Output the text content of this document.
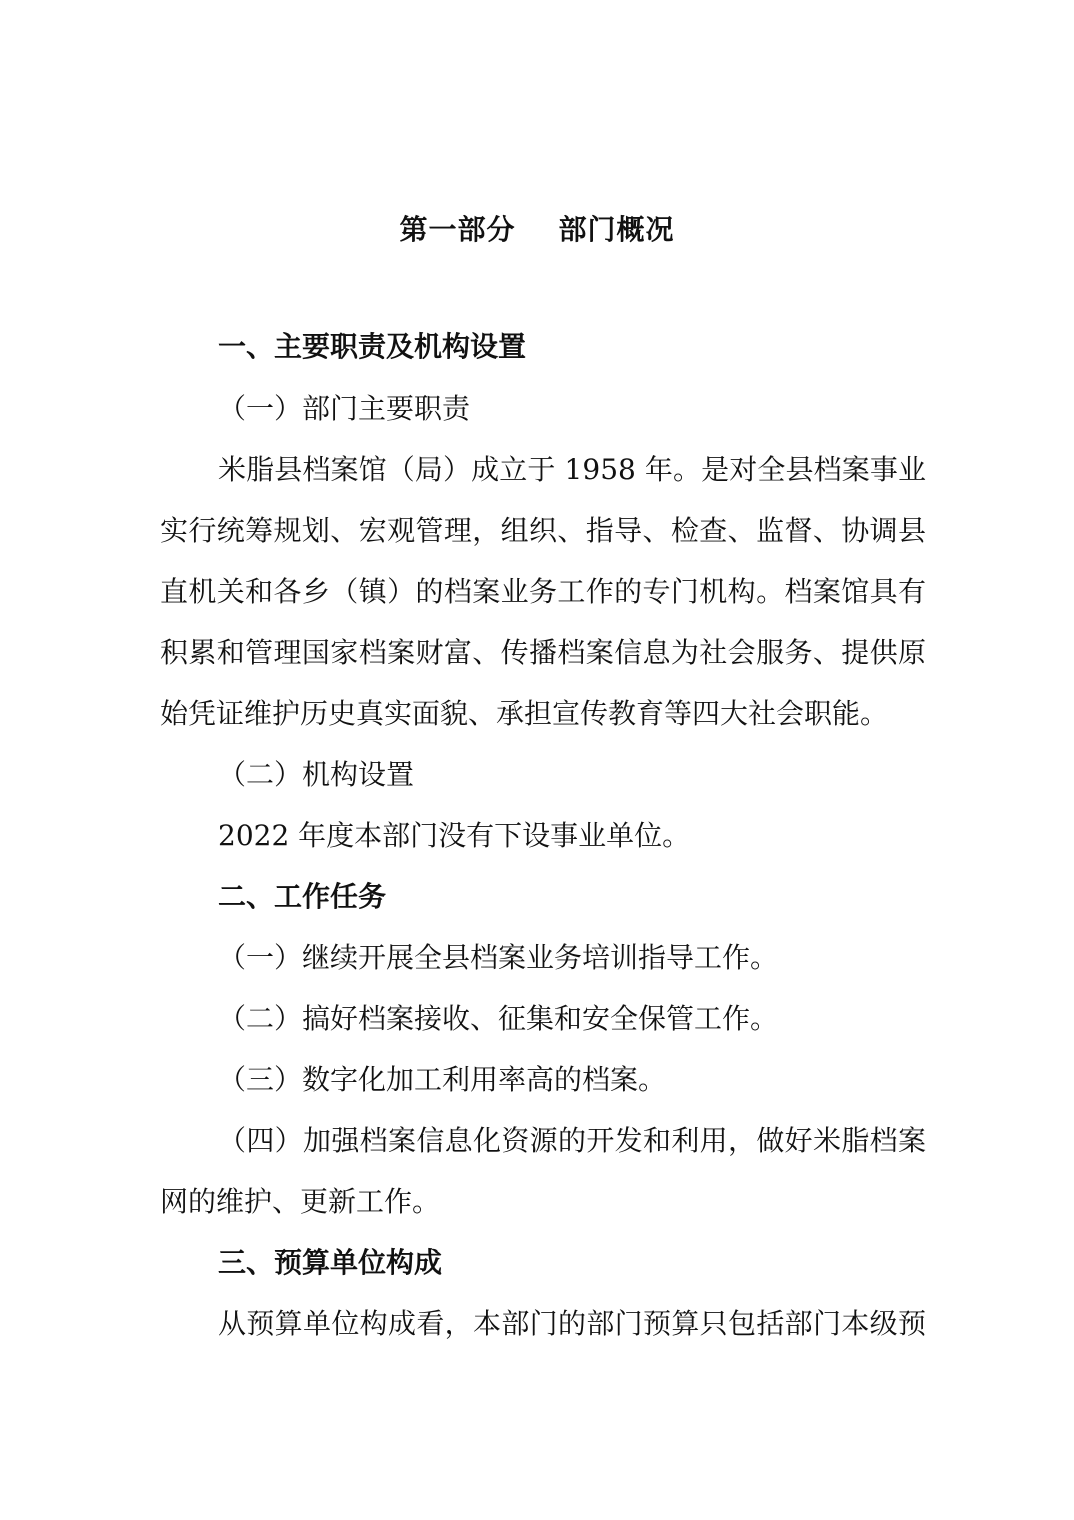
第一部分    部门概况
一、主要职责及机构设置
（一）部门主要职责
米脂县档案馆（局）成立于 1958 年。是对全县档案事业
实行统筹规划、宏观管理，组织、指导、检查、监督、协调县
直机关和各乡（镇）的档案业务工作的专门机构。档案馆具有
积累和管理国家档案财富、传播档案信息为社会服务、提供原
始凭证维护历史真实面貌、承担宣传教育等四大社会职能。
（二）机构设置
2022 年度本部门没有下设事业单位。
二、工作任务
（一）继续开展全县档案业务培训指导工作。
（二）搞好档案接收、征集和安全保管工作。
（三）数字化加工利用率高的档案。
（四）加强档案信息化资源的开发和利用，做好米脂档案
网的维护、更新工作。
三、预算单位构成
从预算单位构成看，本部门的部门预算只包括部门本级预
